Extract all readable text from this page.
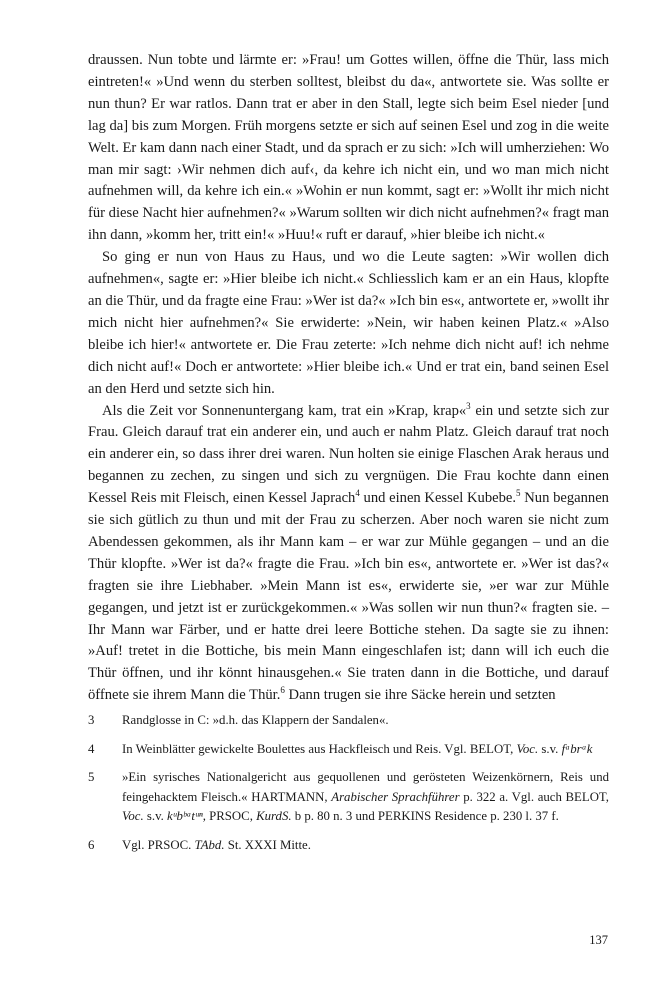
draussen. Nun tobte und lärmte er: »Frau! um Gottes willen, öffne die Thür, lass mich eintreten!« »Und wenn du sterben solltest, bleibst du da«, antwortete sie. Was sollte er nun thun? Er war ratlos. Dann trat er aber in den Stall, legte sich beim Esel nieder [und lag da] bis zum Morgen. Früh morgens setzte er sich auf seinen Esel und zog in die weite Welt. Er kam dann nach einer Stadt, und da sprach er zu sich: »Ich will umherziehen: Wo man mir sagt: ›Wir nehmen dich auf‹, da kehre ich nicht ein, und wo man mich nicht aufnehmen will, da kehre ich ein.« »Wohin er nun kommt, sagt er: »Wollt ihr mich nicht für diese Nacht hier aufnehmen?« »Warum sollten wir dich nicht aufnehmen?« fragt man ihn dann, »komm her, tritt ein!« »Huu!« ruft er darauf, »hier bleibe ich nicht.«

So ging er nun von Haus zu Haus, und wo die Leute sagten: »Wir wollen dich aufnehmen«, sagte er: »Hier bleibe ich nicht.« Schliesslich kam er an ein Haus, klopfte an die Thür, und da fragte eine Frau: »Wer ist da?« »Ich bin es«, antwortete er, »wollt ihr mich nicht hier aufnehmen?« Sie erwiderte: »Nein, wir haben keinen Platz.« »Also bleibe ich hier!« antwortete er. Die Frau zeterte: »Ich nehme dich nicht auf! ich nehme dich nicht auf!« Doch er antwortete: »Hier bleibe ich.« Und er trat ein, band seinen Esel an den Herd und setzte sich hin.

Als die Zeit vor Sonnenuntergang kam, trat ein »Krap, krap«$^3$ ein und setzte sich zur Frau. Gleich darauf trat ein anderer ein, und auch er nahm Platz. Gleich darauf trat noch ein anderer ein, so dass ihrer drei waren. Nun holten sie einige Flaschen Arak heraus und begannen zu zechen, zu singen und sich zu vergnügen. Die Frau kochte dann einen Kessel Reis mit Fleisch, einen Kessel Japrach$^4$ und einen Kessel Kubebe.$^5$ Nun begannen sie sich gütlich zu thun und mit der Frau zu scherzen. Aber noch waren sie nicht zum Abendessen gekommen, als ihr Mann kam – er war zur Mühle gegangen – und an die Thür klopfte. »Wer ist da?« fragte die Frau. »Ich bin es«, antwortete er. »Wer ist das?« fragten sie ihre Liebhaber. »Mein Mann ist es«, erwiderte sie, »er war zur Mühle gegangen, und jetzt ist er zurückgekommen.« »Was sollen wir nun thun?« fragten sie. – Ihr Mann war Färber, und er hatte drei leere Bottiche stehen. Da sagte sie zu ihnen: »Auf! tretet in die Bottiche, bis mein Mann eingeschlafen ist; dann will ich euch die Thür öffnen, und ihr könnt hinausgehen.« Sie traten dann in die Bottiche, und darauf öffnete sie ihrem Mann die Thür.$^6$ Dann trugen sie ihre Säcke herein und setzten

3	Randglosse in C: »d.h. das Klappern der Sandalen«.
4	In Weinblätter gewickelte Boulettes aus Hackfleisch und Reis. Vgl. BELOT, Voc. s.v. fᵃbrᵃk
5	»Ein syrisches Nationalgericht aus gequollenen und gerösteten Weizenkörnern, Reis und feingehacktem Fleisch.« HARTMANN, Arabischer Sprachführer p. 322 a. Vgl. auch BELOT, Voc. s.v. kᵘbᵇᵃtᵘⁿ, PRSOC, KurdS. b p. 80 n. 3 und PERKINS Residence p. 230 l. 37 f.
6	Vgl. PRSOC. TAbd. St. XXXI Mitte.
137
